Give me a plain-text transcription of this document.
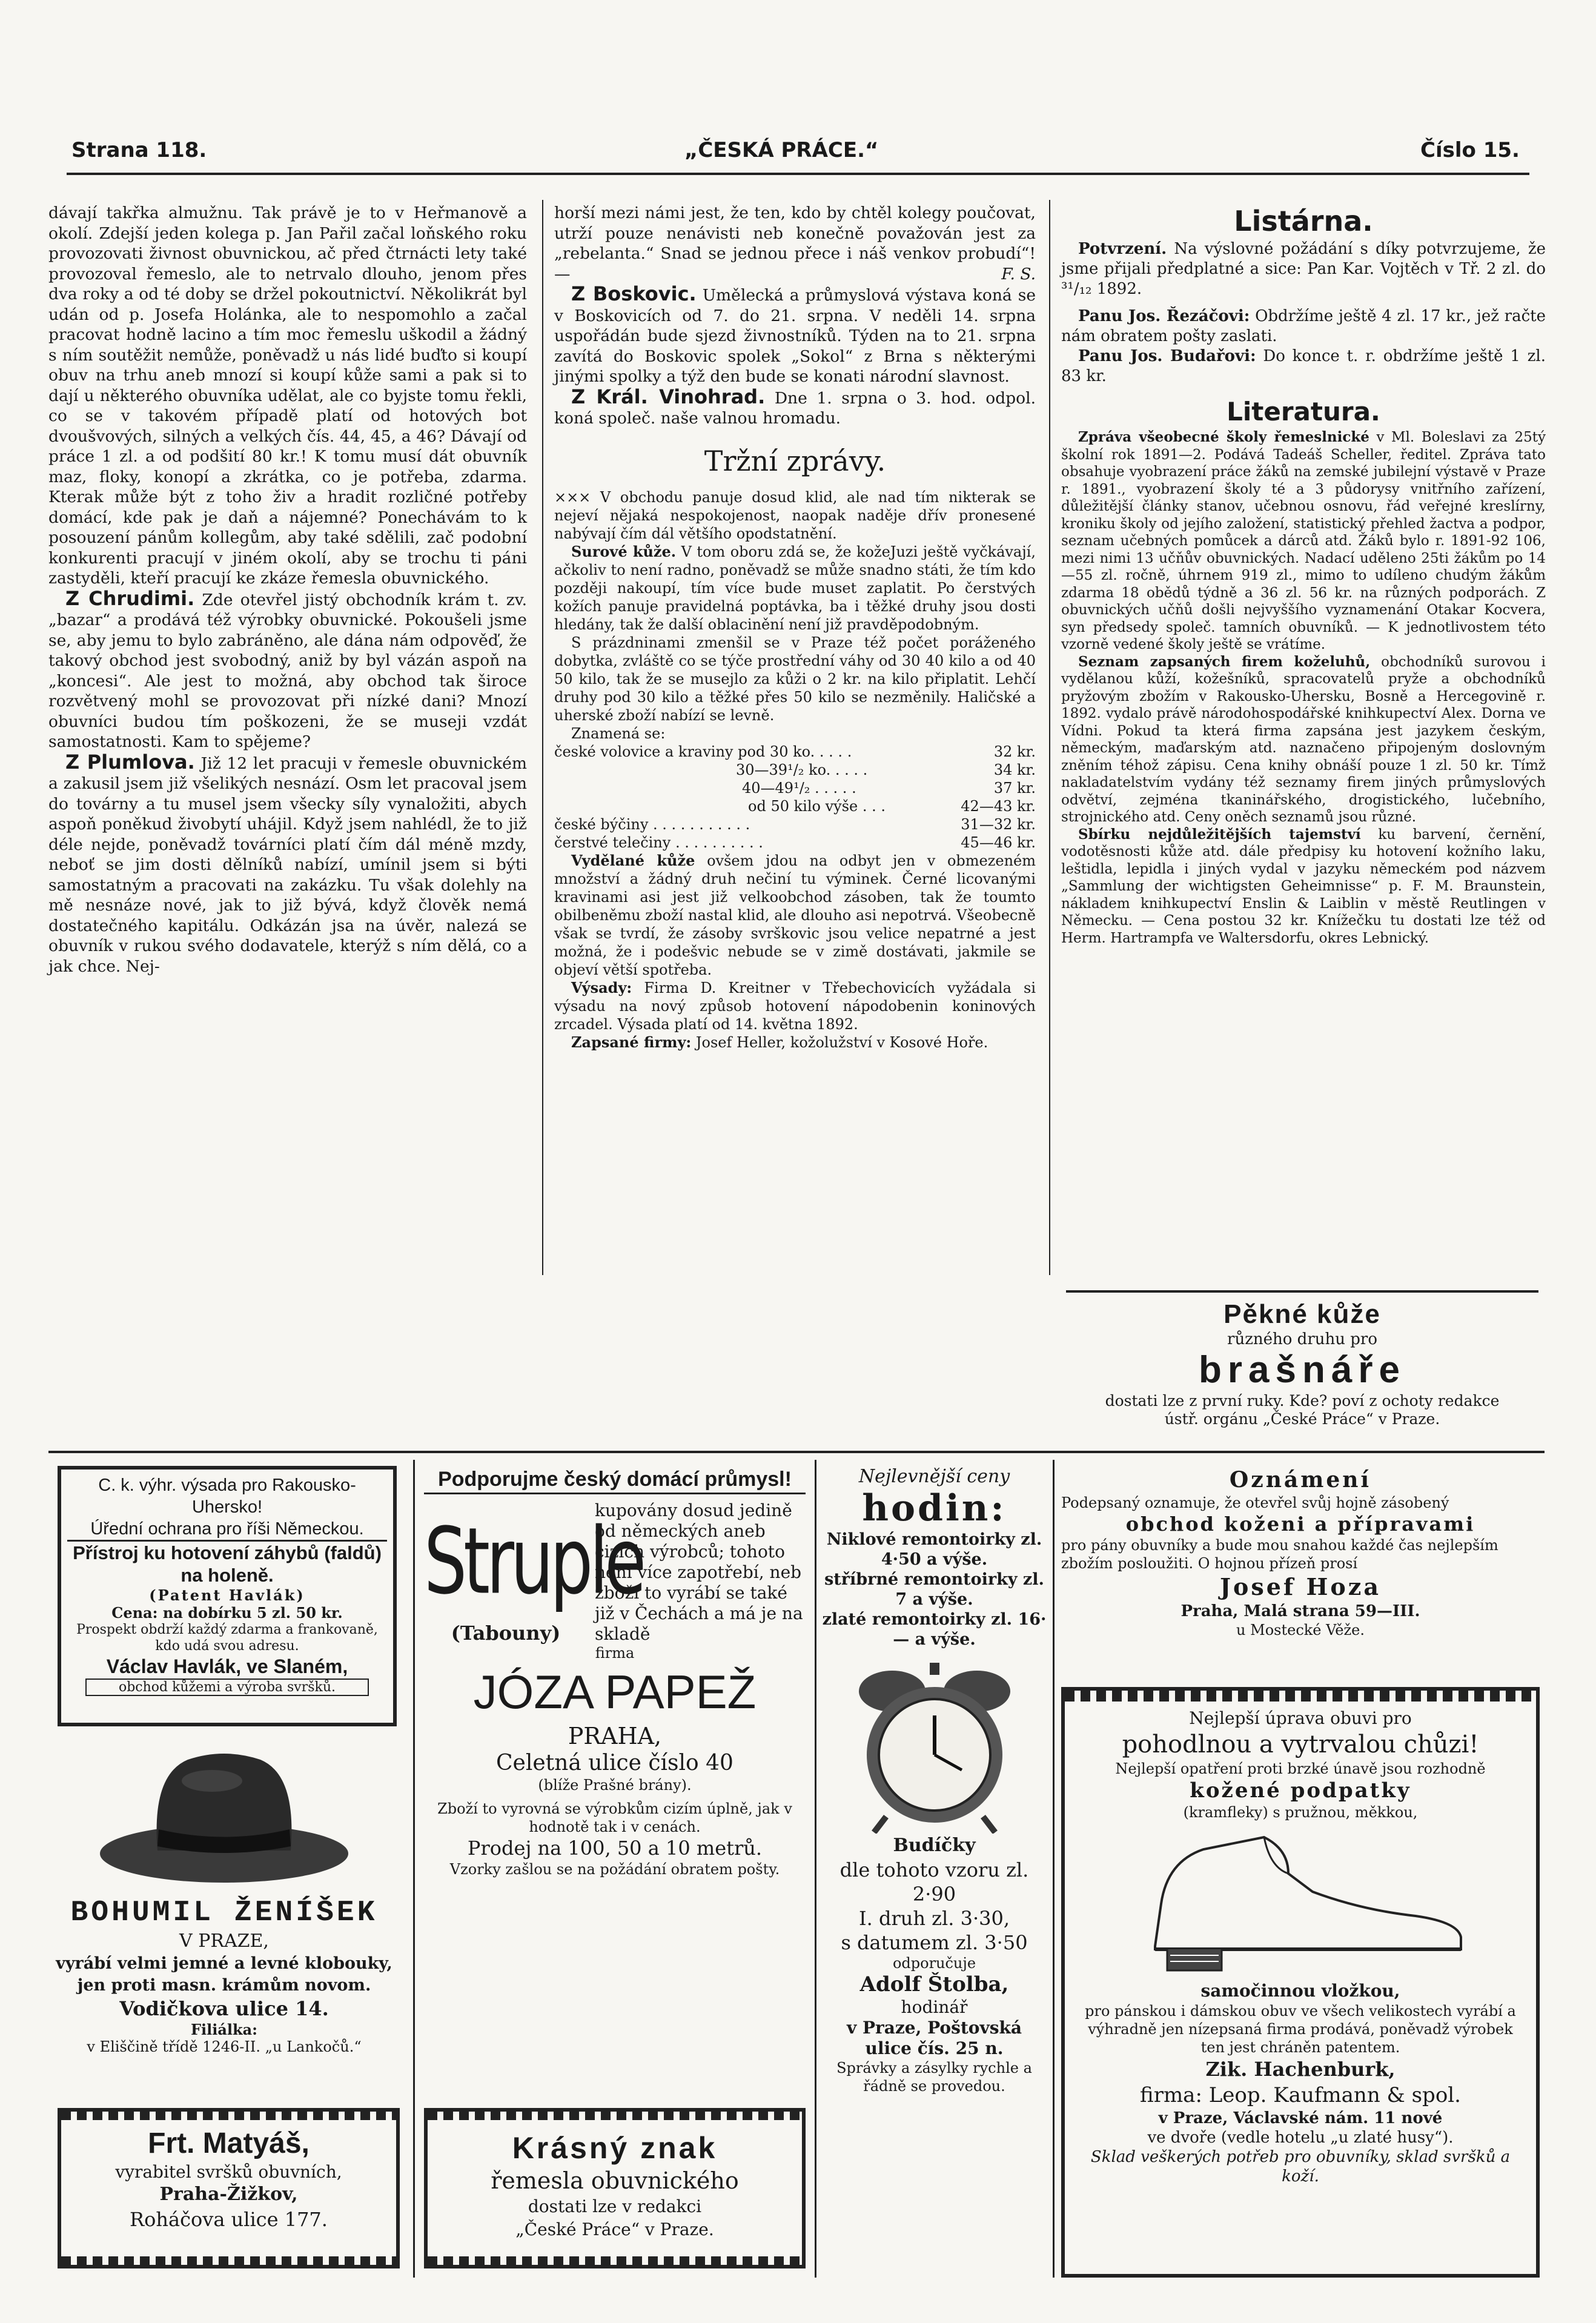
Strana 118.	„ČESKÁ PRÁCE.“	Číslo 15.

dávají takřka almužnu. Tak právě je to v Heřmanově a okolí. Zdejší jeden kolega p. Jan Pařil začal loňského roku provozovati živnost obuvnickou, ač před čtrnácti lety také provozoval řemeslo, ale to netrvalo dlouho, jenom přes dva roky a od té doby se držel pokoutnictví. Několikrát byl udán od p. Josefa Holánka, ale to nespomohlo a začal pracovat hodně lacino a tím moc řemeslu uškodil a žádný s ním soutěžit nemůže, poněvadž u nás lidé buďto si koupí obuv na trhu aneb mnozí si koupí kůže sami a pak si to dají u některého obuvníka udělat, ale co byjste tomu řekli, co se v takovém případě platí od hotových bot dvoušvových, silných a velkých čís. 44, 45, a 46? Dávají od práce 1 zl. a od podšití 80 kr.! K tomu musí dát obuvník maz, floky, konopí a zkrátka, co je potřeba, zdarma. Kterak může být z toho živ a hradit rozličné potřeby domácí, kde pak je daň a nájemné? Ponechávám to k posouzení pánům kollegům, aby také sdělili, zač podobní konkurenti pracují v jiném okolí, aby se trochu ti páni zastyděli, kteří pracují ke zkáze řemesla obuvnického.

Z Chrudimi. Zde otevřel jistý obchodník krám t. zv. „bazar“ a prodává též výrobky obuvnické. Pokoušeli jsme se, aby jemu to bylo zabráněno, ale dána nám odpověď, že takový obchod jest svobodný, aniž by byl vázán aspoň na „koncesi“. Ale jest to možná, aby obchod tak široce rozvětvený mohl se provozovat při nízké dani? Mnozí obuvníci budou tím poškozeni, že se museji vzdát samostatnosti. Kam to spějeme?

Z Plumlova. Již 12 let pracuji v řemesle obuvnickém a zakusil jsem již všelikých nesnází. Osm let pracoval jsem do továrny a tu musel jsem všecky síly vynaložiti, abych aspoň poněkud živobytí uhájil. Když jsem nahlédl, že to již déle nejde, poněvadž továrníci platí čím dál méně mzdy, neboť se jim dosti dělníků nabízí, umínil jsem si býti samostatným a pracovati na zakázku. Tu však dolehly na mě nesnáze nové, jak to již bývá, když člověk nemá dostatečného kapitálu. Odkázán jsa na úvěr, nalezá se obuvník v rukou svého dodavatele, kterýž s ním dělá, co a jak chce. Nej-

horší mezi námi jest, že ten, kdo by chtěl kolegy poučovat, utrží pouze nenávisti neb konečně považován jest za „rebelanta.“ Snad se jednou přece i náš venkov probudí“! —	F. S.

Z Boskovic. Umělecká a průmyslová výstava koná se v Boskovicích od 7. do 21. srpna. V neděli 14. srpna uspořádán bude sjezd živnostníků. Týden na to 21. srpna zavítá do Boskovic spolek „Sokol“ z Brna s některými jinými spolky a týž den bude se konati národní slavnost.

Z Král. Vinohrad. Dne 1. srpna o 3. hod. odpol. koná společ. naše valnou hromadu.

Tržní zprávy.

××× V obchodu panuje dosud klid, ale nad tím nikterak se nejeví nějaká nespokojenost, naopak naděje dřív pronesené nabývají čím dál většího opodstatnění.

Surové kůže. V tom oboru zdá se, že kožeJuzi ještě vyčkávají, ačkoliv to není radno, poněvadž se může snadno státi, že tím kdo později nakoupí, tím více bude muset zaplatit. Po čerstvých kožích panuje pravidelná poptávka, ba i těžké druhy jsou dosti hledány, tak že další oblacinění není již pravděpodobným.

S prázdninami zmenšil se v Praze též počet poráženého dobytka, zvláště co se týče prostřední váhy od 30 40 kilo a od 40 50 kilo, tak že se musejlo za kůži o 2 kr. na kilo připlatit. Lehčí druhy pod 30 kilo a těžké přes 50 kilo se nezměnily. Haličské a uherské zboží nabízí se levně.

Znamená se:

české volovice a kraviny pod 30 ko. . . . .	32 kr.
30—39¹/₂ ko. . . . .	34 kr.
40—49¹/₂ . . . . .	37 kr.
od 50 kilo výše . . .	42—43 kr.
české býčiny . . . . . . . . . . .	31—32 kr.
čerstvé telečiny . . . . . . . . . .	45—46 kr.

Vydělané kůže ovšem jdou na odbyt jen v obmezeném množství a žádný druh nečiní tu výminek. Černé licovanými kravinami asi jest již velkoobchod zásoben, tak že toumto obilbeněmu zboží nastal klid, ale dlouho asi nepotrvá. Všeobecně však se tvrdí, že zásoby svrškovic jsou velice nepatrné a jest možná, že i podešvic nebude se v zimě dostávati, jakmile se objeví větší spotřeba.

Výsady: Firma D. Kreitner v Třebechovicích vyžádala si výsadu na nový způsob hotovení nápodobenin koninových zrcadel. Výsada platí od 14. května 1892.

Zapsané firmy: Josef Heller, kožolužství v Kosové Hoře.

Listárna.

Potvrzení. Na výslovné požádání s díky potvrzujeme, že jsme přijali předplatné a sice: Pan Kar. Vojtěch v Tř. 2 zl. do ³¹/₁₂ 1892.

Panu Jos. Řezáčovi: Obdržíme ještě 4 zl. 17 kr., jež račte nám obratem pošty zaslati.

Panu Jos. Budařovi: Do konce t. r. obdržíme ještě 1 zl. 83 kr.

Literatura.

Zpráva všeobecné školy řemeslnické v Ml. Boleslavi za 25tý školní rok 1891—2. Podává Tadeáš Scheller, ředitel. Zpráva tato obsahuje vyobrazení práce žáků na zemské jubilejní výstavě v Praze r. 1891., vyobrazení školy té a 3 půdorysy vnitřního zařízení, důležitější články stanov, učebnou osnovu, řád veřejné kreslírny, kroniku školy od jejího založení, statistický přehled žactva a podpor, seznam učebných pomůcek a dárců atd. Žáků bylo r. 1891-92 106, mezi nimi 13 učňův obuvnických. Nadací uděleno 25ti žákům po 14—55 zl. ročně, úhrnem 919 zl., mimo to udíleno chudým žákům zdarma 18 obědů týdně a 36 zl. 56 kr. na různých podporách. Z obuvnických učňů došli nejvyššího vyznamenání Otakar Kocvera, syn předsedy společ. tamních obuvníků. — K jednotlivostem této vzorně vedené školy ještě se vrátíme.

Seznam zapsaných firem koželuhů, obchodníků surovou i vydělanou kůží, kožešníků, spracovatelů pryže a obchodníků pryžovým zbožím v Rakousko-Uhersku, Bosně a Hercegovině r. 1892. vydalo právě národohospodářské knihkupectví Alex. Dorna ve Vídni. Pokud ta která firma zapsána jest jazykem českým, německým, maďarským atd. naznačeno připojeným doslovným zněním téhož zápisu. Cena knihy obnáší pouze 1 zl. 50 kr. Tímž nakladatelstvím vydány též seznamy firem jiných průmyslových odvětví, zejména tkaninářského, drogistického, lučebního, strojnického atd. Ceny oněch seznamů jsou různé.

Sbírku nejdůležitějších tajemství ku barvení, černění, vodotěsnosti kůže atd. dále předpisy ku hotovení kožního laku, leštidla, lepidla i jiných vydal v jazyku německém pod názvem „Sammlung der wichtigsten Geheimnisse“ p. F. M. Braunstein, nákladem knihkupectví Enslin & Laiblin v městě Reutlingen v Německu. — Cena postou 32 kr. Knížečku tu dostati lze též od Herm. Hartrampfa ve Waltersdorfu, okres Lebnický.

Pěkné kůže

různého druhu pro

brašnáře

dostati lze z první ruky. Kde? poví z ochoty redakce ústř. orgánu „České Práce“ v Praze.

C. k. výhr. výsada pro Rakousko-Uhersko!

Úřední ochrana pro říši Německou.

Přístroj ku hotovení záhybů (faldů) na holeně.

(Patent Havlák)

Cena: na dobírku 5 zl. 50 kr.

Prospekt obdrží každý zdarma a frankovaně, kdo udá svou adresu.

Václav Havlák, ve Slaném,

obchod kůžemi a výroba svršků.

BOHUMIL ŽENÍŠEK

V PRAZE,

vyrábí velmi jemné a levné klobouky,

jen proti masn. krámům novom.

Vodičkova ulice 14.

Filiálka:

v Eliščině třídě 1246-II. „u Lankočů.“

Frt. Matyáš,

vyrabitel svršků obuvních,

Praha-Žižkov,

Roháčova ulice 177.

Podporujme český domácí průmysl!

Struple

(Tabouny)

kupovány dosud jedině od německých aneb cizích výrobců; tohoto není více zapotřebí, neb zboží to vyrábí se také již v Čechách a má je na skladě

firma

JÓZA PAPEŽ

PRAHA,

Celetná ulice číslo 40

(blíže Prašné brány).

Zboží to vyrovná se výrobkům cizím úplně, jak v hodnotě tak i v cenách.

Prodej na 100, 50 a 10 metrů.

Vzorky zašlou se na požádání obratem pošty.

Krásný znak

řemesla obuvnického

dostati lze v redakci

„České Práce“ v Praze.

Nejlevnější ceny

hodin:

Niklové remontoirky zl. 4·50 a výše.

stříbrné remontoirky zl. 7 a výše.

zlaté remontoirky zl. 16·— a výše.

Budíčky

dle tohoto vzoru zl. 2·90

I. druh zl. 3·30,

s datumem zl. 3·50

odporučuje

Adolf Štolba,

hodinář

v Praze, Poštovská ulice čís. 25 n.

Správky a zásylky rychle a řádně se provedou.

Oznámení

Podepsaný oznamuje, že otevřel svůj hojně zásobený

obchod koženi a přípravami

pro pány obuvníky a bude mou snahou každé čas nejlepším zbožím posloužiti. O hojnou přízeň prosí

Josef Hoza

Praha, Malá strana 59—III.

u Mostecké Věže.

Nejlepší úprava obuvi pro

pohodlnou a vytrvalou chůzi!

Nejlepší opatření proti brzké únavě jsou rozhodně

kožené podpatky

(kramfleky) s pružnou, měkkou,

samočinnou vložkou,

pro pánskou i dámskou obuv ve všech velikostech vyrábí a výhradně jen nízepsaná firma prodává, poněvadž výrobek ten jest chráněn patentem.

Zik. Hachenburk,

firma: Leop. Kaufmann & spol.

v Praze, Václavské nám. 11 nové

ve dvoře (vedle hotelu „u zlaté husy“).

Sklad veškerých potřeb pro obuvníky, sklad svršků a koží.
